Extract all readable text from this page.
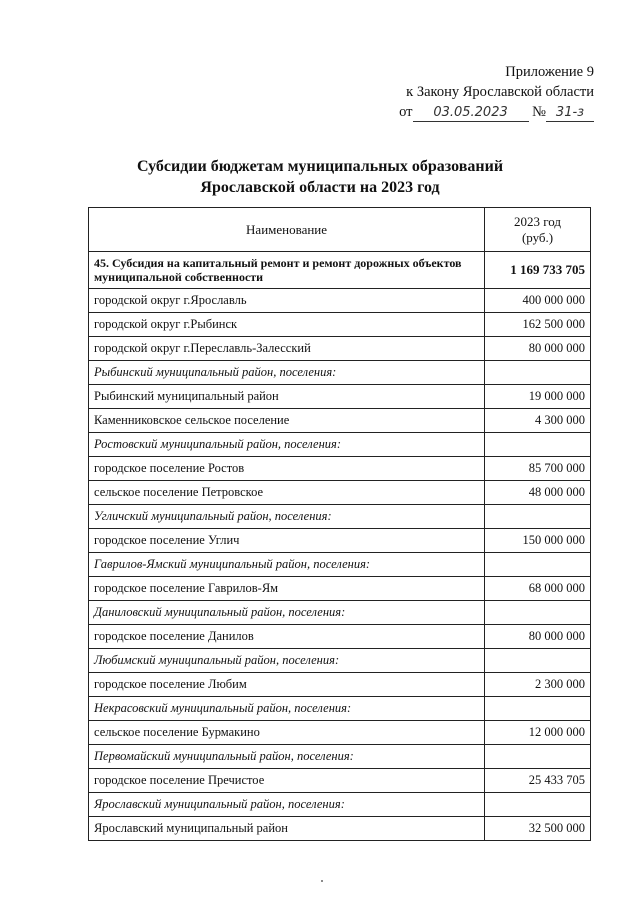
Приложение 9
к Закону Ярославской области
от 03.05.2023 № 31-з
Субсидии бюджетам муниципальных образований
Ярославской области на 2023 год
Наименование	2023 год
(руб.)

45. Субсидия на капитальный ремонт и ремонт дорожных объектов муниципальной собственности	1 169 733 705
городской округ г.Ярославль	400 000 000
городской округ г.Рыбинск	162 500 000
городской округ г.Переславль-Залесский	80 000 000
Рыбинский муниципальный район, поселения:	
Рыбинский муниципальный район	19 000 000
Каменниковское сельское поселение	4 300 000
Ростовский муниципальный район, поселения:	
городское поселение Ростов	85 700 000
сельское поселение Петровское	48 000 000
Угличский муниципальный район, поселения:	
городское поселение Углич	150 000 000
Гаврилов-Ямский муниципальный район, поселения:	
городское поселение Гаврилов-Ям	68 000 000
Даниловский муниципальный район, поселения:	
городское поселение Данилов	80 000 000
Любимский муниципальный район, поселения:	
городское поселение Любим	2 300 000
Некрасовский муниципальный район, поселения:	
сельское поселение Бурмакино	12 000 000
Первомайский муниципальный район, поселения:	
городское поселение Пречистое	25 433 705
Ярославский муниципальный район, поселения:	
Ярославский муниципальный район	32 500 000
